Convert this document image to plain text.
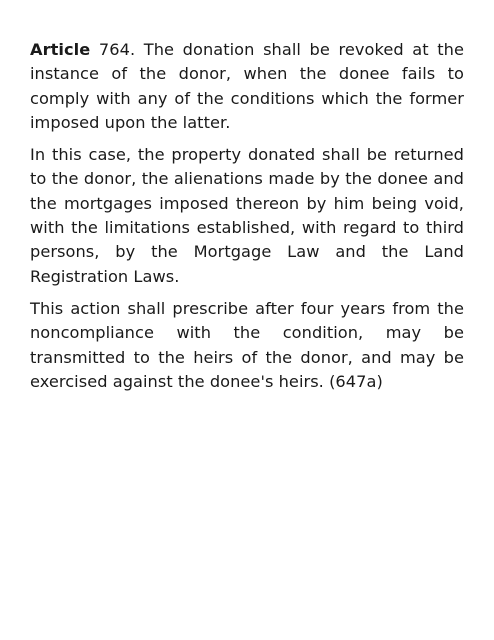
Article 764. The donation shall be revoked at the instance of the donor, when the donee fails to comply with any of the conditions which the former imposed upon the latter.

In this case, the property donated shall be returned to the donor, the alienations made by the donee and the mortgages imposed thereon by him being void, with the limitations established, with regard to third persons, by the Mortgage Law and the Land Registration Laws.

This action shall prescribe after four years from the noncompliance with the condition, may be transmitted to the heirs of the donor, and may be exercised against the donee's heirs. (647a)
